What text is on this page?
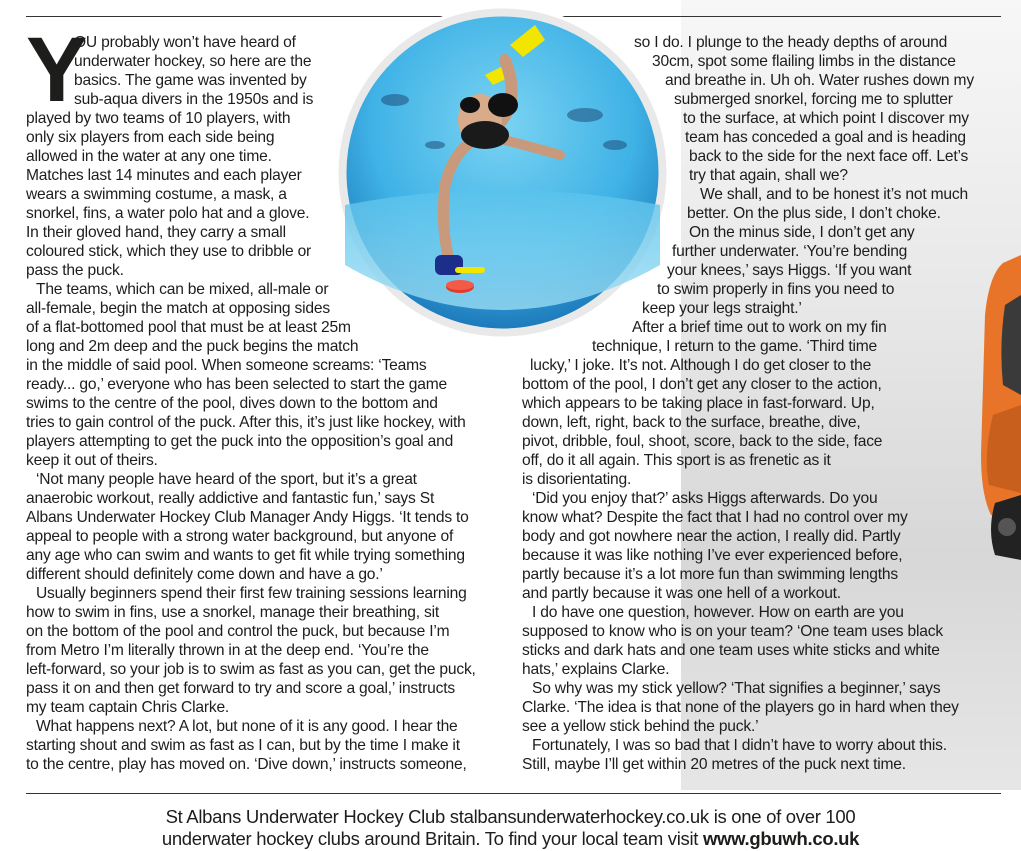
Y
OU probably won’t have heard of
underwater hockey, so here are the
basics. The game was invented by
sub-aqua divers in the 1950s and is
played by two teams of 10 players, with
only six players from each side being
allowed in the water at any one time.
Matches last 14 minutes and each player
wears a swimming costume, a mask, a
snorkel, fins, a water polo hat and a glove.
In their gloved hand, they carry a small
coloured stick, which they use to dribble or
pass the puck.
The teams, which can be mixed, all-male or
all-female, begin the match at opposing sides
of a flat-bottomed pool that must be at least 25m
long and 2m deep and the puck begins the match
in the middle of said pool. When someone screams: ‘Teams
ready... go,’ everyone who has been selected to start the game
swims to the centre of the pool, dives down to the bottom and
tries to gain control of the puck. After this, it’s just like hockey, with
players attempting to get the puck into the opposition’s goal and
keep it out of theirs.
‘Not many people have heard of the sport, but it’s a great
anaerobic workout, really addictive and fantastic fun,’ says St
Albans Underwater Hockey Club Manager Andy Higgs. ‘It tends to
appeal to people with a strong water background, but anyone of
any age who can swim and wants to get fit while trying something
different should definitely come down and have a go.’
Usually beginners spend their first few training sessions learning
how to swim in fins, use a snorkel, manage their breathing, sit
on the bottom of the pool and control the puck, but because I’m
from Metro I’m literally thrown in at the deep end. ‘You’re the
left-forward, so your job is to swim as fast as you can, get the puck,
pass it on and then get forward to try and score a goal,’ instructs
my team captain Chris Clarke.
What happens next? A lot, but none of it is any good. I hear the
starting shout and swim as fast as I can, but by the time I make it
to the centre, play has moved on. ‘Dive down,’ instructs someone,
so I do. I plunge to the heady depths of around
30cm, spot some flailing limbs in the distance
and breathe in. Uh oh. Water rushes down my
submerged snorkel, forcing me to splutter
to the surface, at which point I discover my
team has conceded a goal and is heading
back to the side for the next face off. Let’s
try that again, shall we?
We shall, and to be honest it’s not much
better. On the plus side, I don’t choke.
On the minus side, I don’t get any
further underwater. ‘You’re bending
your knees,’ says Higgs. ‘If you want
to swim properly in fins you need to
keep your legs straight.’
After a brief time out to work on my fin
technique, I return to the game. ‘Third time
lucky,’ I joke. It’s not. Although I do get closer to the
bottom of the pool, I don’t get any closer to the action,
which appears to be taking place in fast-forward. Up,
down, left, right, back to the surface, breathe, dive,
pivot, dribble, foul, shoot, score, back to the side, face
off, do it all again. This sport is as frenetic as it
is disorientating.
‘Did you enjoy that?’ asks Higgs afterwards. Do you
know what? Despite the fact that I had no control over my
body and got nowhere near the action, I really did. Partly
because it was like nothing I’ve ever experienced before,
partly because it’s a lot more fun than swimming lengths
and partly because it was one hell of a workout.
I do have one question, however. How on earth are you
supposed to know who is on your team? ‘One team uses black
sticks and dark hats and one team uses white sticks and white
hats,’ explains Clarke.
So why was my stick yellow? ‘That signifies a beginner,’ says
Clarke. ‘The idea is that none of the players go in hard when they
see a yellow stick behind the puck.’
Fortunately, I was so bad that I didn’t have to worry about this.
Still, maybe I’ll get within 20 metres of the puck next time.
St Albans Underwater Hockey Club stalbansunderwaterhockey.co.uk is one of over 100
underwater hockey clubs around Britain. To find your local team visit www.gbuwh.co.uk
